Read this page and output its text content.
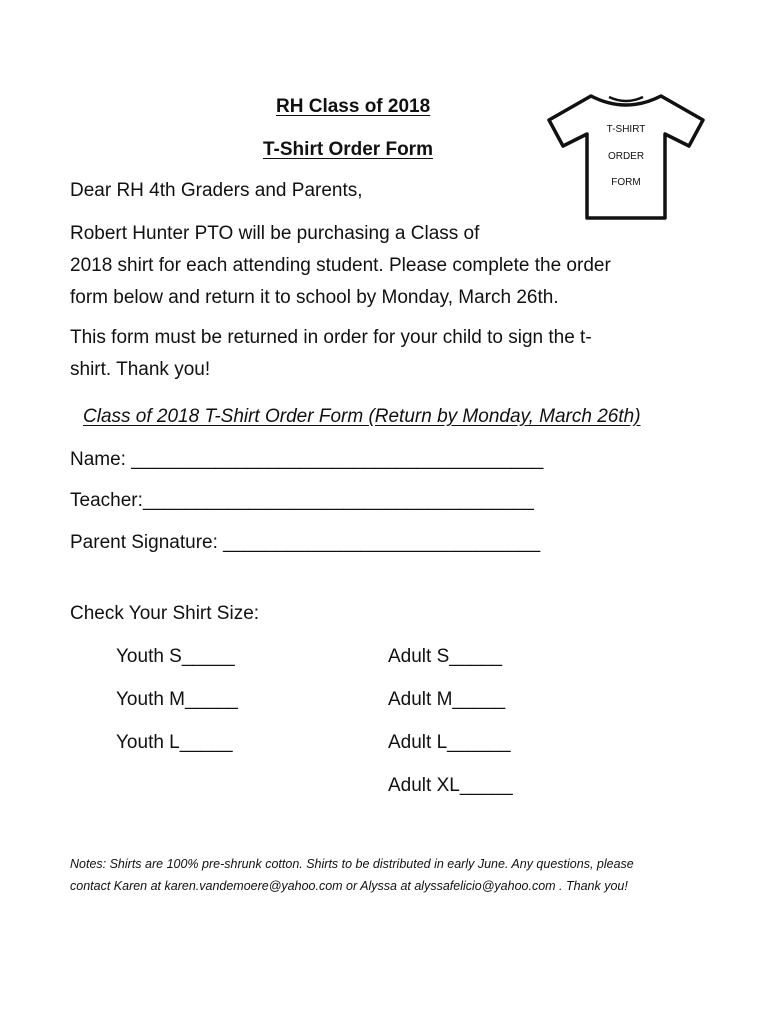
RH Class of 2018
T-Shirt Order Form
T-SHIRT
ORDER
FORM
Dear RH 4th Graders and Parents,
Robert Hunter PTO will be purchasing a Class of
2018 shirt for each attending student. Please complete the order
form below and return it to school by Monday, March 26th.
This form must be returned in order for your child to sign the t-
shirt. Thank you!
Class of 2018 T-Shirt Order Form (Return by Monday, March 26th)
Name: _______________________________________
Teacher:_____________________________________
Parent Signature: ______________________________
Check Your Shirt Size:
Youth S_____
Youth M_____
Youth L_____
Adult S_____
Adult M_____
Adult L______
Adult XL_____
Notes: Shirts are 100% pre-shrunk cotton. Shirts to be distributed in early June. Any questions, please
contact Karen at karen.vandemoere@yahoo.com or Alyssa at alyssafelicio@yahoo.com . Thank you!
